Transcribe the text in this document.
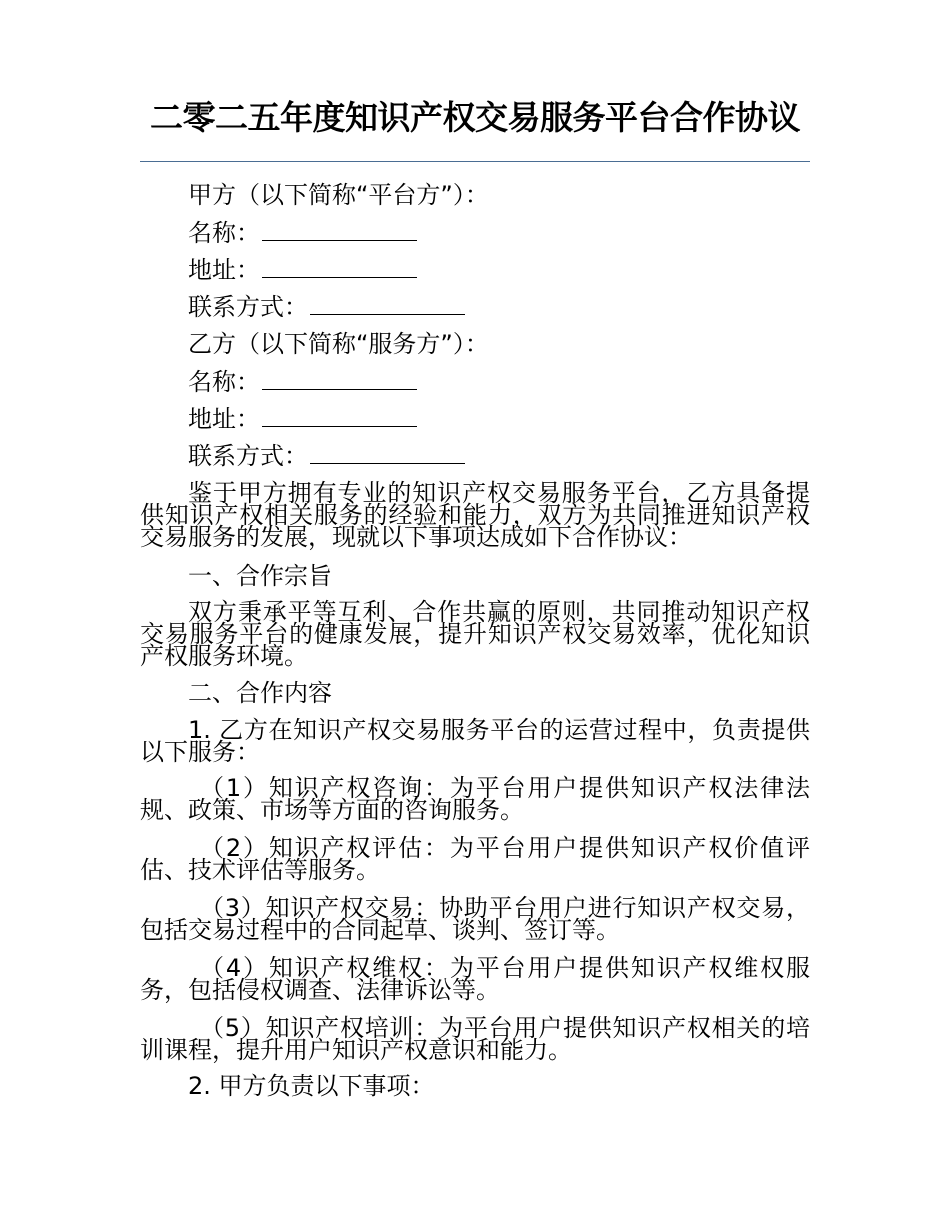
二零二五年度知识产权交易服务平台合作协议
甲方（以下简称“平台方”）：
名称：
地址：
联系方式：
乙方（以下简称“服务方”）：
名称：
地址：
联系方式：
鉴于甲方拥有专业的知识产权交易服务平台，乙方具备提供知识产权相关服务的经验和能力，双方为共同推进知识产权交易服务的发展，现就以下事项达成如下合作协议：
一、合作宗旨
双方秉承平等互利、合作共赢的原则，共同推动知识产权交易服务平台的健康发展，提升知识产权交易效率，优化知识产权服务环境。
二、合作内容
1. 乙方在知识产权交易服务平台的运营过程中，负责提供以下服务：
（1）知识产权咨询：为平台用户提供知识产权法律法规、政策、市场等方面的咨询服务。
（2）知识产权评估：为平台用户提供知识产权价值评估、技术评估等服务。
（3）知识产权交易：协助平台用户进行知识产权交易，包括交易过程中的合同起草、谈判、签订等。
（4）知识产权维权：为平台用户提供知识产权维权服务，包括侵权调查、法律诉讼等。
（5）知识产权培训：为平台用户提供知识产权相关的培训课程，提升用户知识产权意识和能力。
2. 甲方负责以下事项：
